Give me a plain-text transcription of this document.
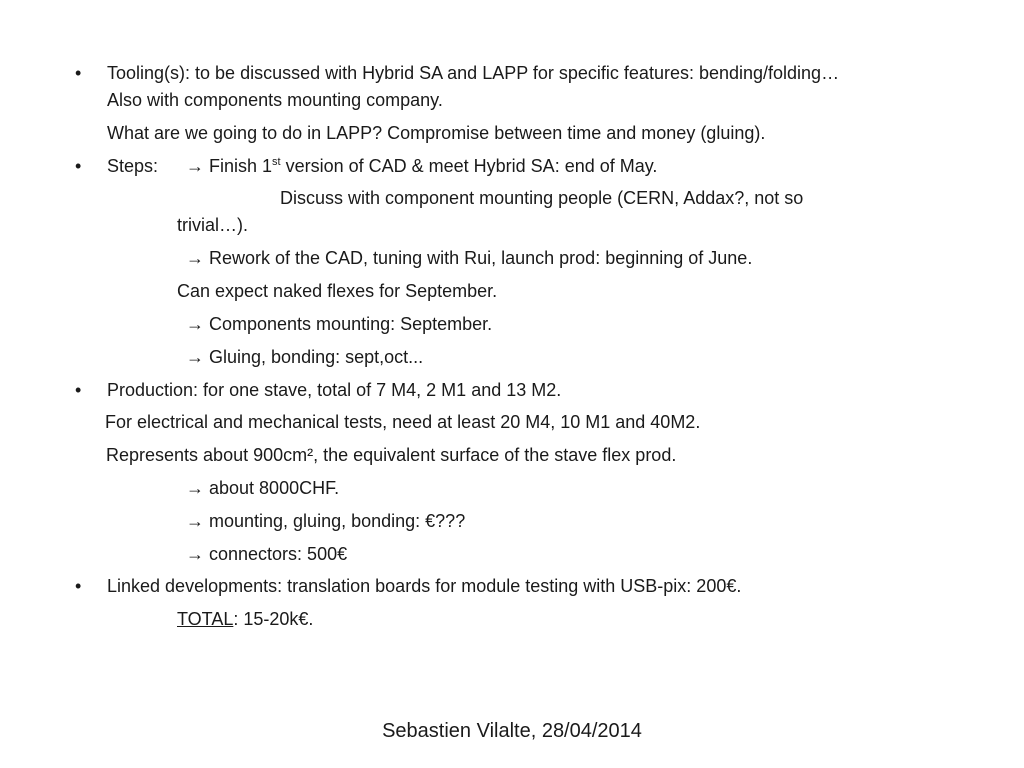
• Tooling(s): to be discussed with Hybrid SA and LAPP for specific features: bending/folding…
Also with components mounting company.
What are we going to do in LAPP? Compromise between time and money (gluing).
• Steps: → Finish 1st version of CAD & meet Hybrid SA: end of May.
Discuss with component mounting people (CERN, Addax?, not so
trivial…).
→ Rework of the CAD, tuning with Rui, launch prod: beginning of June.
Can expect naked flexes for September.
→ Components mounting: September.
→ Gluing, bonding: sept,oct...
• Production: for one stave, total of 7 M4, 2 M1 and 13 M2.
For electrical and mechanical tests, need at least 20 M4, 10 M1 and 40M2.
Represents about 900cm², the equivalent surface of the stave flex prod.
→ about 8000CHF.
→ mounting, gluing, bonding: €???
→ connectors: 500€
• Linked developments: translation boards for module testing with USB-pix: 200€.
TOTAL: 15-20k€.
Sebastien Vilalte, 28/04/2014
